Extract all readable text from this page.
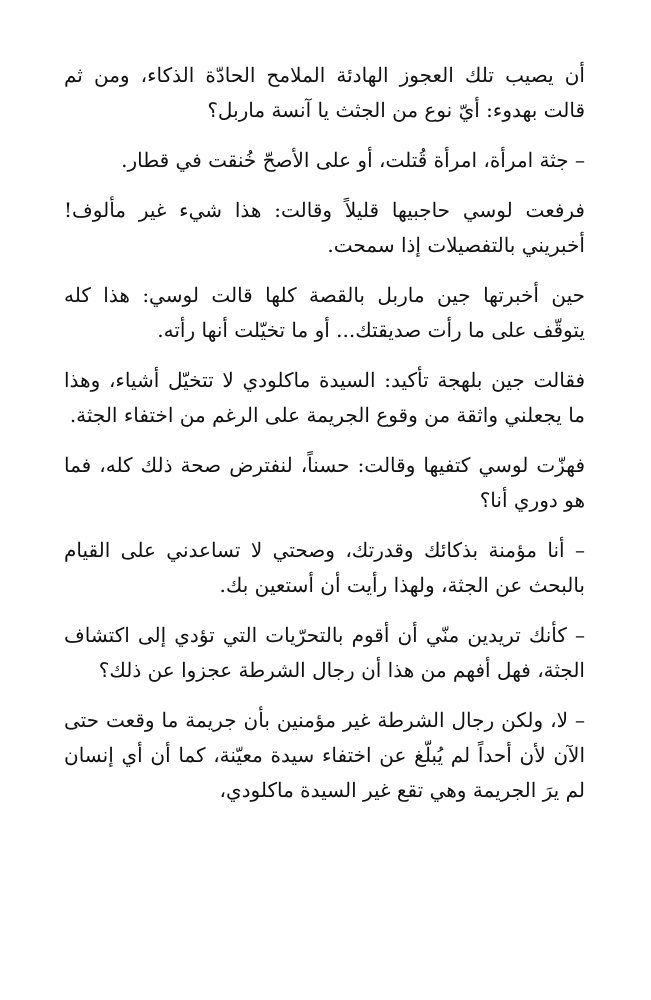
أن يصيب تلك العجوز الهادئة الملامح الحادّة الذكاء، ومن ثم قالت بهدوء: أيّ نوع من الجثث يا آنسة ماربل؟

– جثة امرأة، امرأة قُتلت، أو على الأصحّ خُنقت في قطار.

فرفعت لوسي حاجبيها قليلاً وقالت: هذا شيء غير مألوف! أخبريني بالتفصيلات إذا سمحت.

حين أخبرتها جين ماربل بالقصة كلها قالت لوسي: هذا كله يتوقّف على ما رأت صديقتك... أو ما تخيّلت أنها رأته.

فقالت جين بلهجة تأكيد: السيدة ماكلودي لا تتخيّل أشياء، وهذا ما يجعلني واثقة من وقوع الجريمة على الرغم من اختفاء الجثة.

فهزّت لوسي كتفيها وقالت: حسناً، لنفترض صحة ذلك كله، فما هو دوري أنا؟

– أنا مؤمنة بذكائك وقدرتك، وصحتي لا تساعدني على القيام بالبحث عن الجثة، ولهذا رأيت أن أستعين بك.

– كأنك تريدين منّي أن أقوم بالتحرّيات التي تؤدي إلى اكتشاف الجثة، فهل أفهم من هذا أن رجال الشرطة عجزوا عن ذلك؟

– لا، ولكن رجال الشرطة غير مؤمنين بأن جريمة ما وقعت حتى الآن لأن أحداً لم يُبلّغ عن اختفاء سيدة معيّنة، كما أن أي إنسان لم يرَ الجريمة وهي تقع غير السيدة ماكلودي،
